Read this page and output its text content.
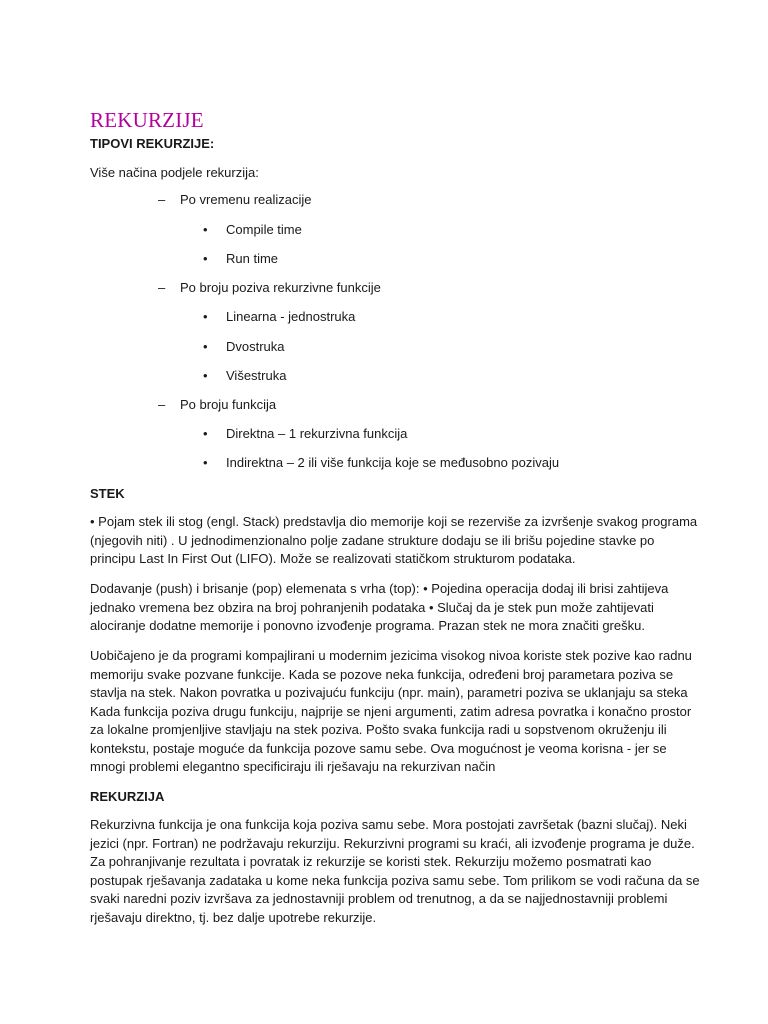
REKURZIJE
TIPOVI REKURZIJE:
Više načina podjele rekurzija:
– Po vremenu realizacije
• Compile time
• Run time
– Po broju poziva rekurzivne funkcije
• Linearna - jednostruka
• Dvostruka
• Višestruka
– Po broju funkcija
• Direktna – 1 rekurzivna funkcija
• Indirektna – 2 ili više funkcija koje se međusobno pozivaju
STEK

• Pojam stek ili stog (engl. Stack) predstavlja dio memorije koji se rezerviše za izvršenje svakog programa

(njegovih niti) . U jednodimenzionalno polje zadane strukture dodaju se ili brišu pojedine stavke po

principu Last In First Out (LIFO). Može se realizovati statičkom strukturom podataka.

Dodavanje (push) i brisanje (pop) elemenata s vrha (top): • Pojedina operacija dodaj ili brisi zahtijeva

jednako vremena bez obzira na broj pohranjenih podataka • Slučaj da je stek pun može zahtijevati

alociranje dodatne memorije i ponovno izvođenje programa. Prazan stek ne mora značiti grešku.

Uobičajeno je da programi kompajlirani u modernim jezicima visokog nivoa koriste stek pozive kao radnu

memoriju svake pozvane funkcije. Kada se pozove neka funkcija, određeni broj parametara poziva se

stavlja na stek. Nakon povratka u pozivajuću funkciju (npr. main), parametri poziva se uklanjaju sa steka

Kada funkcija poziva drugu funkciju, najprije se njeni argumenti, zatim adresa povratka i konačno prostor

za lokalne promjenljive stavljaju na stek poziva. Pošto svaka funkcija radi u sopstvenom okruženju ili

kontekstu, postaje moguće da funkcija pozove samu sebe. Ova mogućnost je veoma korisna - jer se

mnogi problemi elegantno specificiraju ili rješavaju na rekurzivan način

REKURZIJA

Rekurzivna funkcija je ona funkcija koja poziva samu sebe. Mora postojati završetak (bazni slučaj). Neki

jezici (npr. Fortran) ne podržavaju rekurziju. Rekurzivni programi su kraći, ali izvođenje programa je duže.

Za pohranjivanje rezultata i povratak iz rekurzije se koristi stek. Rekurziju možemo posmatrati kao

postupak rješavanja zadataka u kome neka funkcija poziva samu sebe. Tom prilikom se vodi računa da se

svaki naredni poziv izvršava za jednostavniji problem od trenutnog, a da se najjednostavniji problemi

rješavaju direktno, tj. bez dalje upotrebe rekurzije.
